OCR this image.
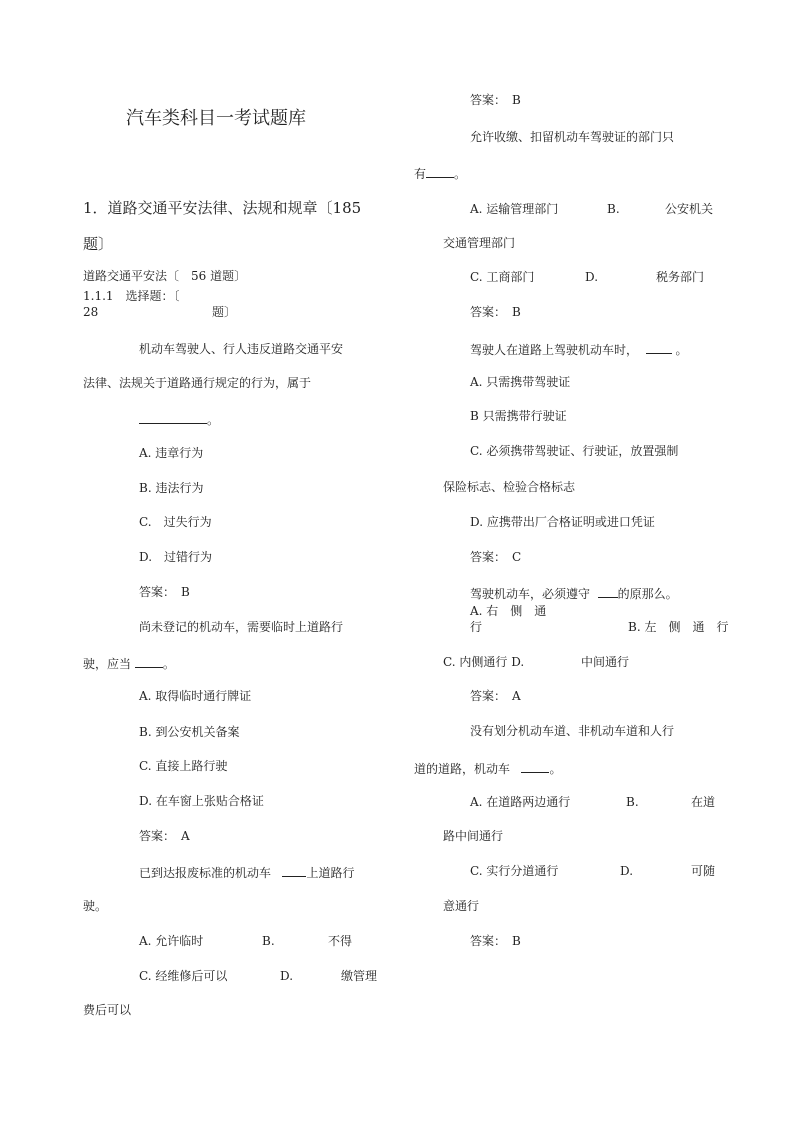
汽车类科目一考试题库
1．道路交通平安法律、法规和规章〔185
题〕
道路交通平安法〔　56 道题〕
1.1.1　选择题：〔
28	题〕
机动车驾驶人、行人违反道路交通平安
法律、法规关于道路通行规定的行为，属于
。
A. 违章行为
B. 违法行为
C.　过失行为
D.　过错行为
答案：　B
尚未登记的机动车，需要临时上道路行
驶，应当	。
A. 取得临时通行牌证
B. 到公安机关备案
C. 直接上路行驶
D. 在车窗上张贴合格证
答案：　A
已到达报废标准的机动车	上道路行
驶。
A. 允许临时	B.	不得
C. 经维修后可以	D.	缴管理
费后可以
答案：　B
允许收缴、扣留机动车驾驶证的部门只
有 。
A. 运输管理部门	B.	公安机关
交通管理部门
C. 工商部门	D.	税务部门
答案：　B
驾驶人在道路上驾驶机动车时，	。
A. 只需携带驾驶证
B 只需携带行驶证
C. 必须携带驾驶证、行驶证，放置强制
保险标志、检验合格标志
D. 应携带出厂合格证明或进口凭证
答案：　C
驾驶机动车，必须遵守 的原那么。
A. 右　侧　通
行	B. 左　侧　通　行
C. 内侧通行 D.	中间通行
答案：　A
没有划分机动车道、非机动车道和人行
道的道路，机动车	。
A. 在道路两边通行	B.	在道
路中间通行
C. 实行分道通行	D.	可随
意通行
答案：　B
